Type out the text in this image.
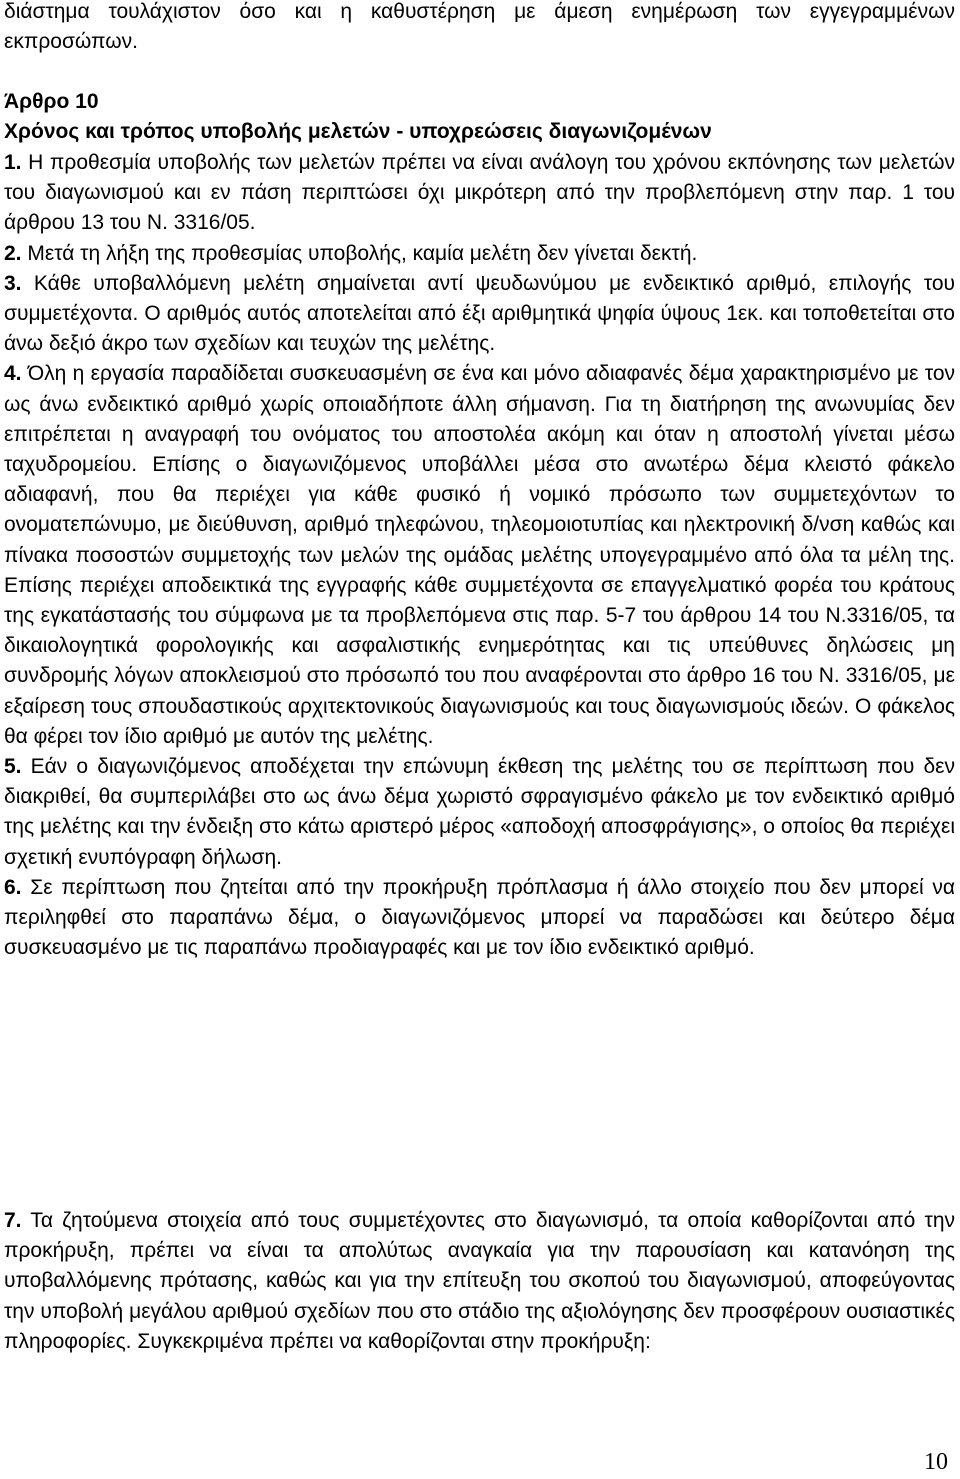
διάστημα τουλάχιστον όσο και η καθυστέρηση με άμεση ενημέρωση των εγγεγραμμένων εκπροσώπων.

Άρθρο 10

Χρόνος και τρόπος υποβολής μελετών - υποχρεώσεις διαγωνιζομένων

1. Η προθεσμία υποβολής των μελετών πρέπει να είναι ανάλογη του χρόνου εκπόνησης των μελετών του διαγωνισμού και εν πάση περιπτώσει όχι μικρότερη από την προβλεπόμενη στην παρ. 1 του άρθρου 13 του Ν. 3316/05.

2. Μετά τη λήξη της προθεσμίας υποβολής, καμία μελέτη δεν γίνεται δεκτή.

3. Κάθε υποβαλλόμενη μελέτη σημαίνεται αντί ψευδωνύμου με ενδεικτικό αριθμό, επιλογής του συμμετέχοντα. Ο αριθμός αυτός αποτελείται από έξι αριθμητικά ψηφία ύψους 1εκ. και τοποθετείται στο άνω δεξιό άκρο των σχεδίων και τευχών της μελέτης.

4. Όλη η εργασία παραδίδεται συσκευασμένη σε ένα και μόνο αδιαφανές δέμα χαρακτηρισμένο με τον ως άνω ενδεικτικό αριθμό χωρίς οποιαδήποτε άλλη σήμανση. Για τη διατήρηση της ανωνυμίας δεν επιτρέπεται η αναγραφή του ονόματος του αποστολέα ακόμη και όταν η αποστολή γίνεται μέσω ταχυδρομείου. Επίσης ο διαγωνιζόμενος υποβάλλει μέσα στο ανωτέρω δέμα κλειστό φάκελο αδιαφανή, που θα περιέχει για κάθε φυσικό ή νομικό πρόσωπο των συμμετεχόντων το ονοματεπώνυμο, με διεύθυνση, αριθμό τηλεφώνου, τηλεομοιοτυπίας και ηλεκτρονική δ/νση καθώς και πίνακα ποσοστών συμμετοχής των μελών της ομάδας μελέτης υπογεγραμμένο από όλα τα μέλη της. Επίσης περιέχει αποδεικτικά της εγγραφής κάθε συμμετέχοντα σε επαγγελματικό φορέα του κράτους της εγκατάστασής του σύμφωνα με τα προβλεπόμενα στις παρ. 5-7 του άρθρου 14 του Ν.3316/05, τα δικαιολογητικά φορολογικής και ασφαλιστικής ενημερότητας και τις υπεύθυνες δηλώσεις μη συνδρομής λόγων αποκλεισμού στο πρόσωπό του που αναφέρονται στο άρθρο 16 του Ν. 3316/05, με εξαίρεση τους σπουδαστικούς αρχιτεκτονικούς διαγωνισμούς και τους διαγωνισμούς ιδεών. Ο φάκελος θα φέρει τον ίδιο αριθμό με αυτόν της μελέτης.

5. Εάν ο διαγωνιζόμενος αποδέχεται την επώνυμη έκθεση της μελέτης του σε περίπτωση που δεν διακριθεί, θα συμπεριλάβει στο ως άνω δέμα χωριστό σφραγισμένο φάκελο με τον ενδεικτικό αριθμό της μελέτης και την ένδειξη στο κάτω αριστερό μέρος «αποδοχή αποσφράγισης», ο οποίος θα περιέχει σχετική ενυπόγραφη δήλωση.

6. Σε περίπτωση που ζητείται από την προκήρυξη πρόπλασμα ή άλλο στοιχείο που δεν μπορεί να περιληφθεί στο παραπάνω δέμα, ο διαγωνιζόμενος μπορεί να παραδώσει και δεύτερο δέμα συσκευασμένο με τις παραπάνω προδιαγραφές και με τον ίδιο ενδεικτικό αριθμό.

7. Τα ζητούμενα στοιχεία από τους συμμετέχοντες στο διαγωνισμό, τα οποία καθορίζονται από την προκήρυξη, πρέπει να είναι τα απολύτως αναγκαία για την παρουσίαση και κατανόηση της υποβαλλόμενης πρότασης, καθώς και για την επίτευξη του σκοπού του διαγωνισμού, αποφεύγοντας την υποβολή μεγάλου αριθμού σχεδίων που στο στάδιο της αξιολόγησης δεν προσφέρουν ουσιαστικές πληροφορίες. Συγκεκριμένα πρέπει να καθορίζονται στην προκήρυξη:

10
